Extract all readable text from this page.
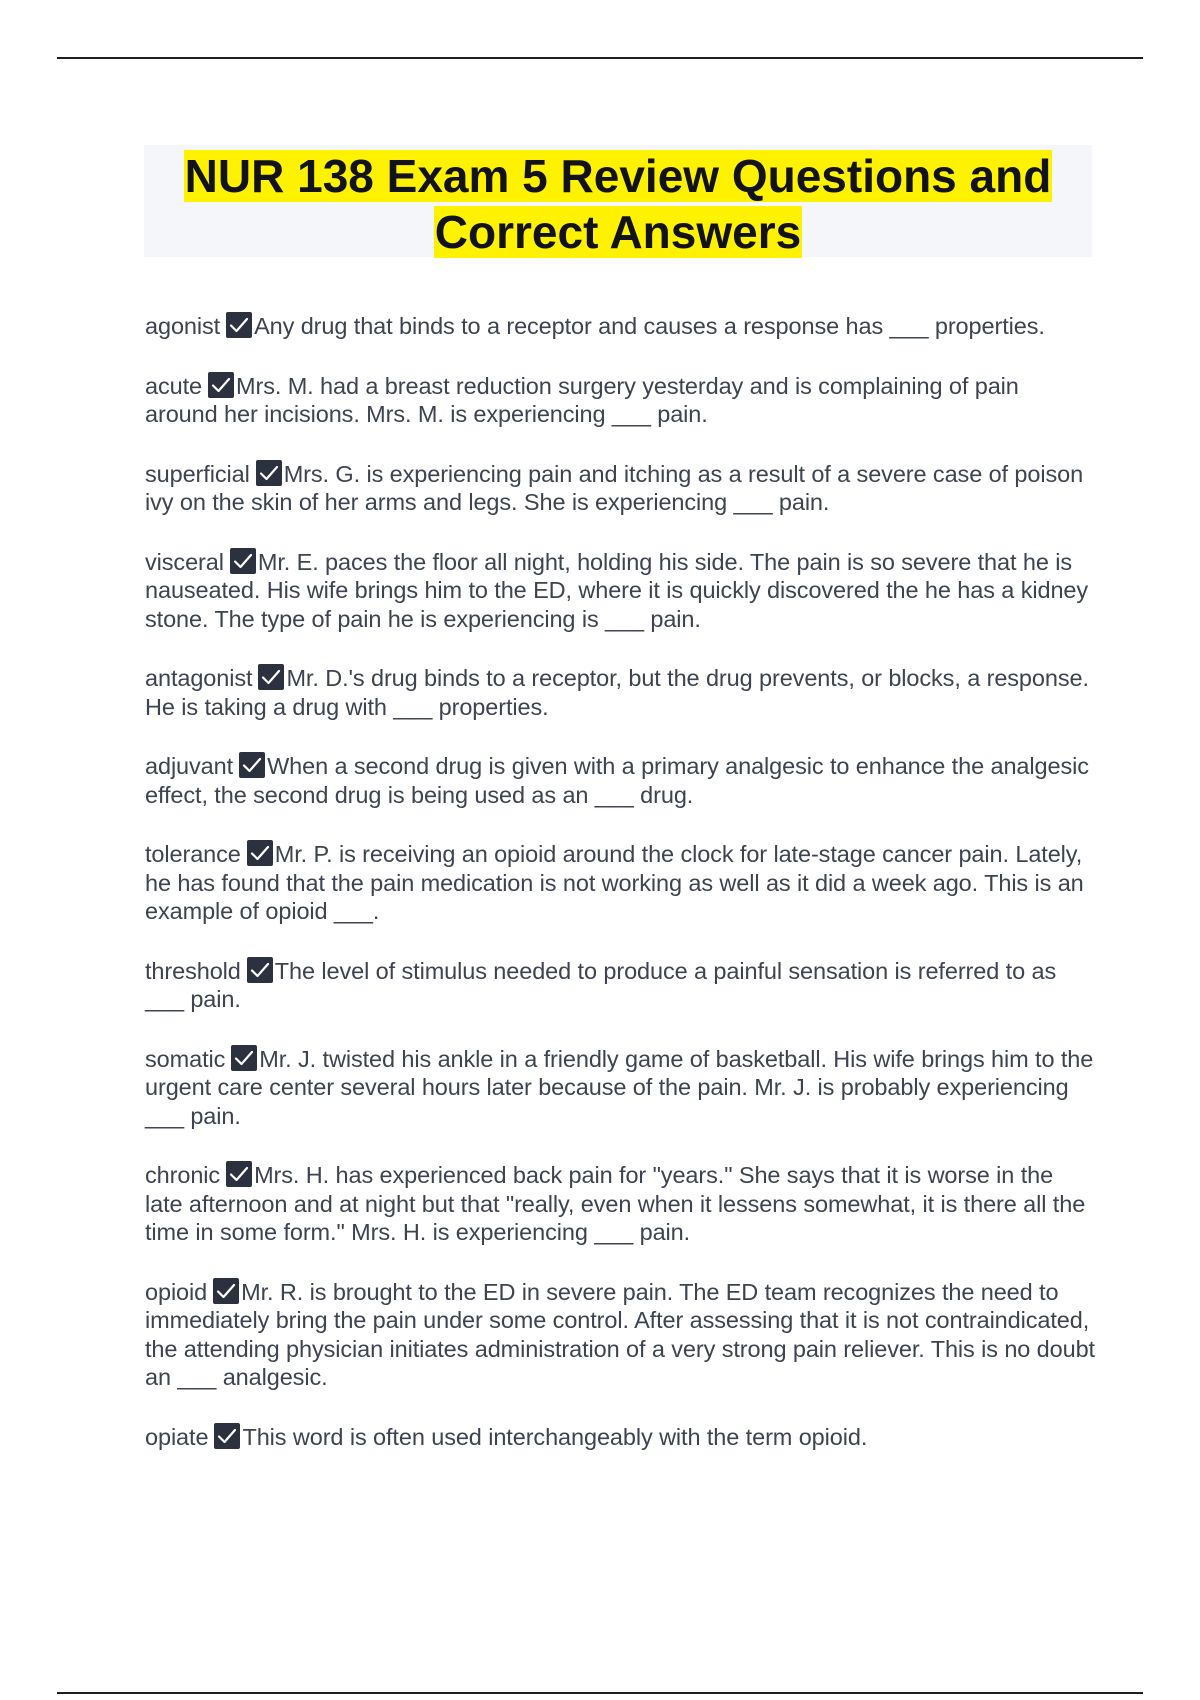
NUR 138 Exam 5 Review Questions and
Correct Answers
agonist Any drug that binds to a receptor and causes a response has ___ properties.
acute Mrs. M. had a breast reduction surgery yesterday and is complaining of pain around her incisions. Mrs. M. is experiencing ___ pain.
superficial Mrs. G. is experiencing pain and itching as a result of a severe case of poison ivy on the skin of her arms and legs. She is experiencing ___ pain.
visceral Mr. E. paces the floor all night, holding his side. The pain is so severe that he is nauseated. His wife brings him to the ED, where it is quickly discovered the he has a kidney stone. The type of pain he is experiencing is ___ pain.
antagonist Mr. D.'s drug binds to a receptor, but the drug prevents, or blocks, a response. He is taking a drug with ___ properties.
adjuvant When a second drug is given with a primary analgesic to enhance the analgesic effect, the second drug is being used as an ___ drug.
tolerance Mr. P. is receiving an opioid around the clock for late-stage cancer pain. Lately, he has found that the pain medication is not working as well as it did a week ago. This is an example of opioid ___.
threshold The level of stimulus needed to produce a painful sensation is referred to as ___ pain.
somatic Mr. J. twisted his ankle in a friendly game of basketball. His wife brings him to the urgent care center several hours later because of the pain. Mr. J. is probably experiencing ___ pain.
chronic Mrs. H. has experienced back pain for "years." She says that it is worse in the late afternoon and at night but that "really, even when it lessens somewhat, it is there all the time in some form." Mrs. H. is experiencing ___ pain.
opioid Mr. R. is brought to the ED in severe pain. The ED team recognizes the need to immediately bring the pain under some control. After assessing that it is not contraindicated, the attending physician initiates administration of a very strong pain reliever. This is no doubt an ___ analgesic.
opiate This word is often used interchangeably with the term opioid.
